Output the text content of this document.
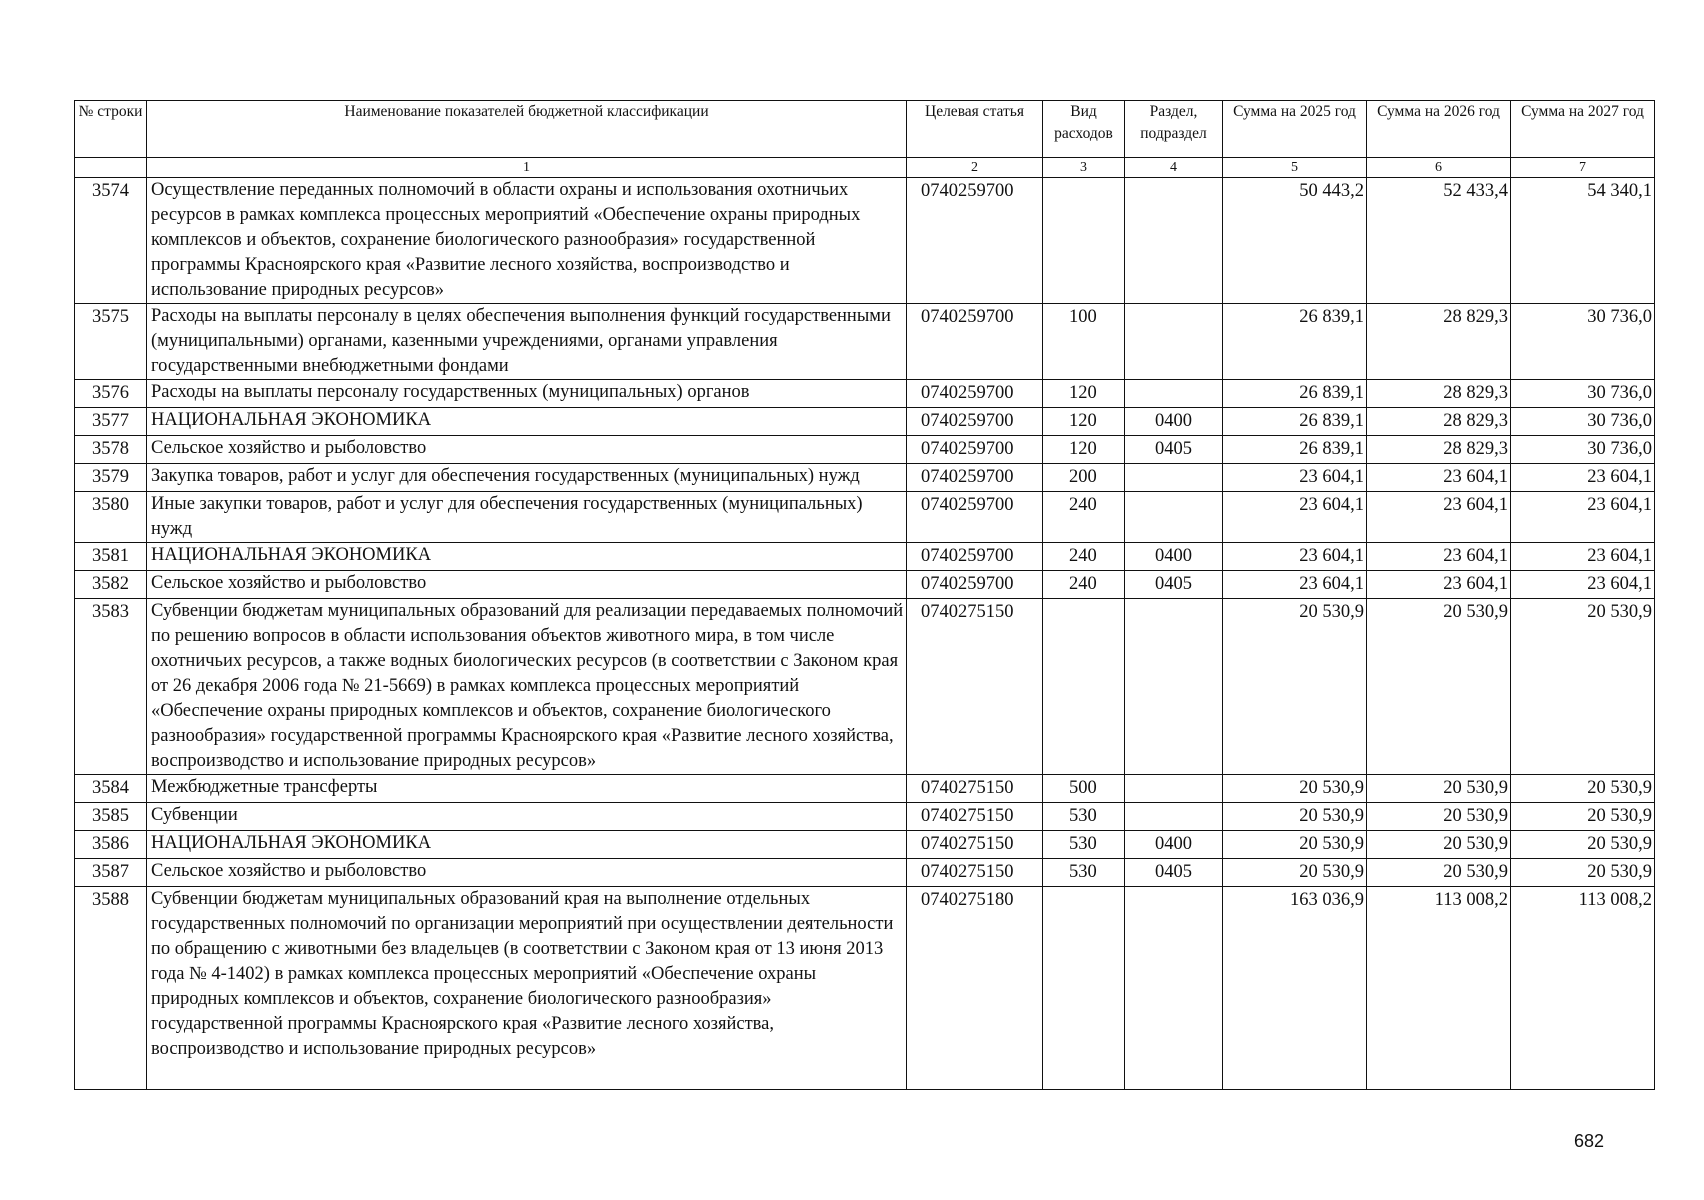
№ строки	Наименование показателей бюджетной классификации	Целевая статья	Вид расходов	Раздел, подраздел	Сумма на 2025 год	Сумма на 2026 год	Сумма на 2027 год
	1	2	3	4	5	6	7
3574	Осуществление переданных полномочий в области охраны и использования охотничьих ресурсов в рамках комплекса процессных мероприятий «Обеспечение охраны природных комплексов и объектов, сохранение биологического разнообразия» государственной программы Красноярского края «Развитие лесного хозяйства, воспроизводство и использование природных ресурсов»	0740259700			50 443,2	52 433,4	54 340,1
3575	Расходы на выплаты персоналу в целях обеспечения выполнения функций государственными (муниципальными) органами, казенными учреждениями, органами управления государственными внебюджетными фондами	0740259700	100		26 839,1	28 829,3	30 736,0
3576	Расходы на выплаты персоналу государственных (муниципальных) органов	0740259700	120		26 839,1	28 829,3	30 736,0
3577	НАЦИОНАЛЬНАЯ ЭКОНОМИКА	0740259700	120	0400	26 839,1	28 829,3	30 736,0
3578	Сельское хозяйство и рыболовство	0740259700	120	0405	26 839,1	28 829,3	30 736,0
3579	Закупка товаров, работ и услуг для обеспечения государственных (муниципальных) нужд	0740259700	200		23 604,1	23 604,1	23 604,1
3580	Иные закупки товаров, работ и услуг для обеспечения государственных (муниципальных) нужд	0740259700	240		23 604,1	23 604,1	23 604,1
3581	НАЦИОНАЛЬНАЯ ЭКОНОМИКА	0740259700	240	0400	23 604,1	23 604,1	23 604,1
3582	Сельское хозяйство и рыболовство	0740259700	240	0405	23 604,1	23 604,1	23 604,1
3583	Субвенции бюджетам муниципальных образований для реализации передаваемых полномочий по решению вопросов в области использования объектов животного мира, в том числе охотничьих ресурсов, а также водных биологических ресурсов (в соответствии с Законом края от 26 декабря 2006 года № 21-5669) в рамках комплекса процессных мероприятий «Обеспечение охраны природных комплексов и объектов, сохранение биологического разнообразия» государственной программы Красноярского края «Развитие лесного хозяйства, воспроизводство и использование природных ресурсов»	0740275150			20 530,9	20 530,9	20 530,9
3584	Межбюджетные трансферты	0740275150	500		20 530,9	20 530,9	20 530,9
3585	Субвенции	0740275150	530		20 530,9	20 530,9	20 530,9
3586	НАЦИОНАЛЬНАЯ ЭКОНОМИКА	0740275150	530	0400	20 530,9	20 530,9	20 530,9
3587	Сельское хозяйство и рыболовство	0740275150	530	0405	20 530,9	20 530,9	20 530,9
3588	Субвенции бюджетам муниципальных образований края на выполнение отдельных государственных полномочий по организации мероприятий при осуществлении деятельности по обращению с животными без владельцев (в соответствии с Законом края от 13 июня 2013 года № 4-1402) в рамках комплекса процессных мероприятий «Обеспечение охраны природных комплексов и объектов, сохранение биологического разнообразия» государственной программы Красноярского края «Развитие лесного хозяйства, воспроизводство и использование природных ресурсов»	0740275180			163 036,9	113 008,2	113 008,2
682
